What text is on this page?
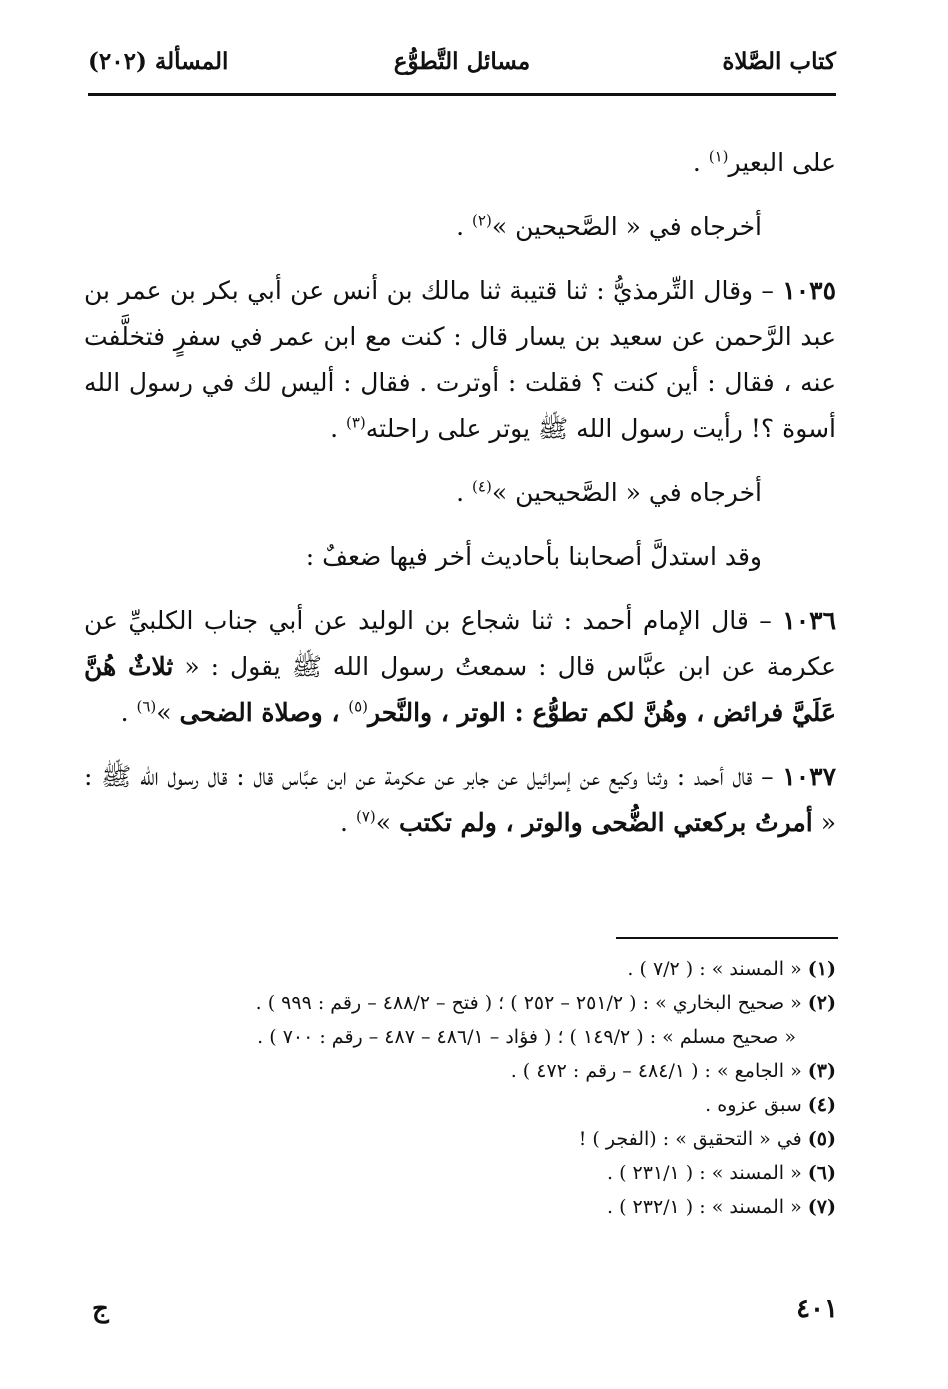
كتاب الصَّلاة
مسائل التَّطوُّع
المسألة (٢٠٢)

على البعير$^{(١)}$ .

أخرجاه في « الصَّحيحين »$^{(٢)}$ .

١٠٣٥ – وقال التِّرمذيُّ : ثنا قتيبة ثنا مالك بن أنس عن أبي بكر بن عمر بن عبد الرَّحمن عن سعيد بن يسار قال : كنت مع ابن عمر في سفرٍ فتخلَّفت عنه ، فقال : أين كنت ؟ فقلت : أوترت . فقال : أليس لك في رسول الله أسوة ؟! رأيت رسول الله ﷺ يوتر على راحلته$^{(٣)}$ .

أخرجاه في « الصَّحيحين »$^{(٤)}$ .

وقد استدلَّ أصحابنا بأحاديث أخر فيها ضعفٌ :

١٠٣٦ – قال الإمام أحمد : ثنا شجاع بن الوليد عن أبي جناب الكلبيِّ عن عكرمة عن ابن عبَّاس قال : سمعتُ رسول الله ﷺ يقول : « ثلاثٌ هُنَّ عَلَيَّ فرائض ، وهُنَّ لكم تطوُّع : الوتر ، والنَّحر$^{(٥)}$ ، وصلاة الضحى »$^{(٦)}$ .

١٠٣٧ – قال أحمد : وثنا وكيع عن إسرائيل عن جابر عن عكرمة عن ابن عبَّاس قال : قال رسول الله ﷺ : « أمرتُ بركعتي الضُّحى والوتر ، ولم تكتب »$^{(٧)}$ .

(١) « المسند » : ( ٧/٢ ) .

(٢) « صحيح البخاري » : ( ٢٥١/٢ – ٢٥٢ ) ؛ ( فتح – ٤٨٨/٢ – رقم : ٩٩٩ ) .

« صحيح مسلم » : ( ١٤٩/٢ ) ؛ ( فؤاد – ٤٨٦/١ – ٤٨٧ – رقم : ٧٠٠ ) .

(٣) « الجامع » : ( ٤٨٤/١ – رقم : ٤٧٢ ) .

(٤) سبق عزوه .

(٥) في « التحقيق » : (الفجر ) !

(٦) « المسند » : ( ٢٣١/١ ) .

(٧) « المسند » : ( ٢٣٢/١ ) .

٤٠١
ج
